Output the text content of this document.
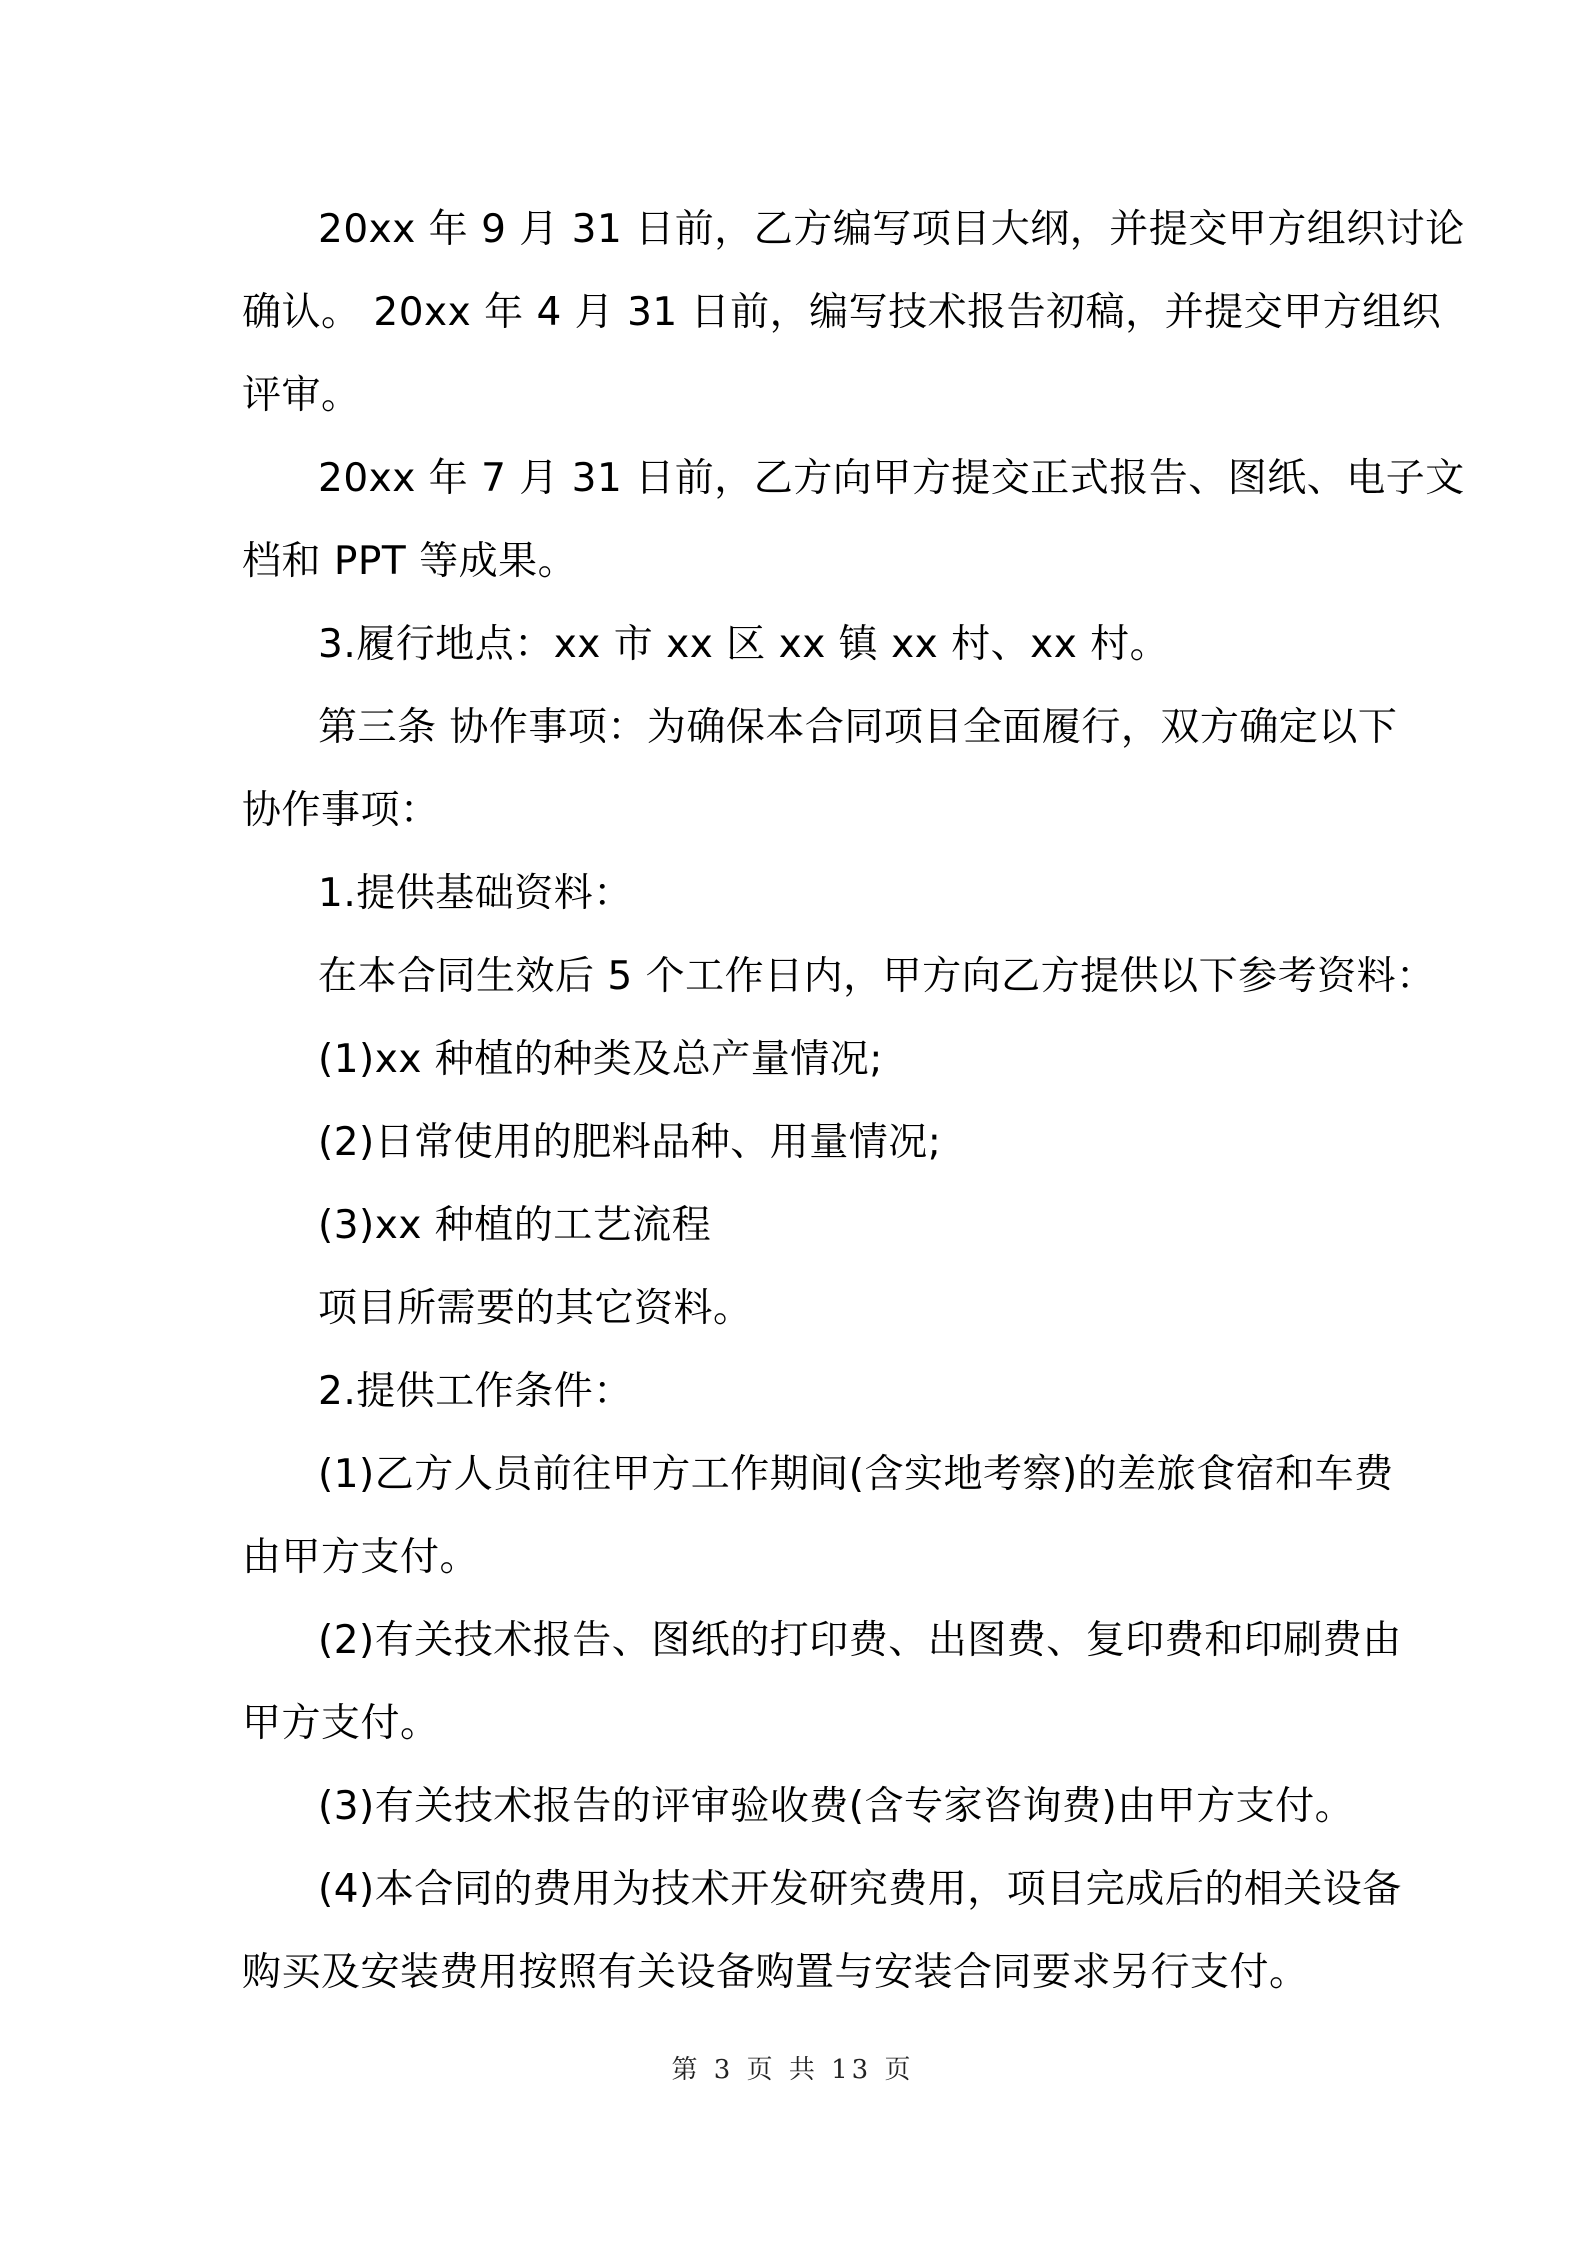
20xx 年 9 月 31 日前，乙方编写项目大纲，并提交甲方组织讨论
确认。 20xx 年 4 月 31 日前，编写技术报告初稿，并提交甲方组织
评审。
20xx 年 7 月 31 日前，乙方向甲方提交正式报告、图纸、电子文
档和 PPT 等成果。
3.履行地点：xx 市 xx 区 xx 镇 xx 村、xx 村。
第三条 协作事项：为确保本合同项目全面履行，双方确定以下
协作事项：
1.提供基础资料：
在本合同生效后 5 个工作日内，甲方向乙方提供以下参考资料：
(1)xx 种植的种类及总产量情况;
(2)日常使用的肥料品种、用量情况;
(3)xx 种植的工艺流程
项目所需要的其它资料。
2.提供工作条件：
(1)乙方人员前往甲方工作期间(含实地考察)的差旅食宿和车费
由甲方支付。
(2)有关技术报告、图纸的打印费、出图费、复印费和印刷费由
甲方支付。
(3)有关技术报告的评审验收费(含专家咨询费)由甲方支付。
(4)本合同的费用为技术开发研究费用，项目完成后的相关设备
购买及安装费用按照有关设备购置与安装合同要求另行支付。
第 3 页 共 13 页
